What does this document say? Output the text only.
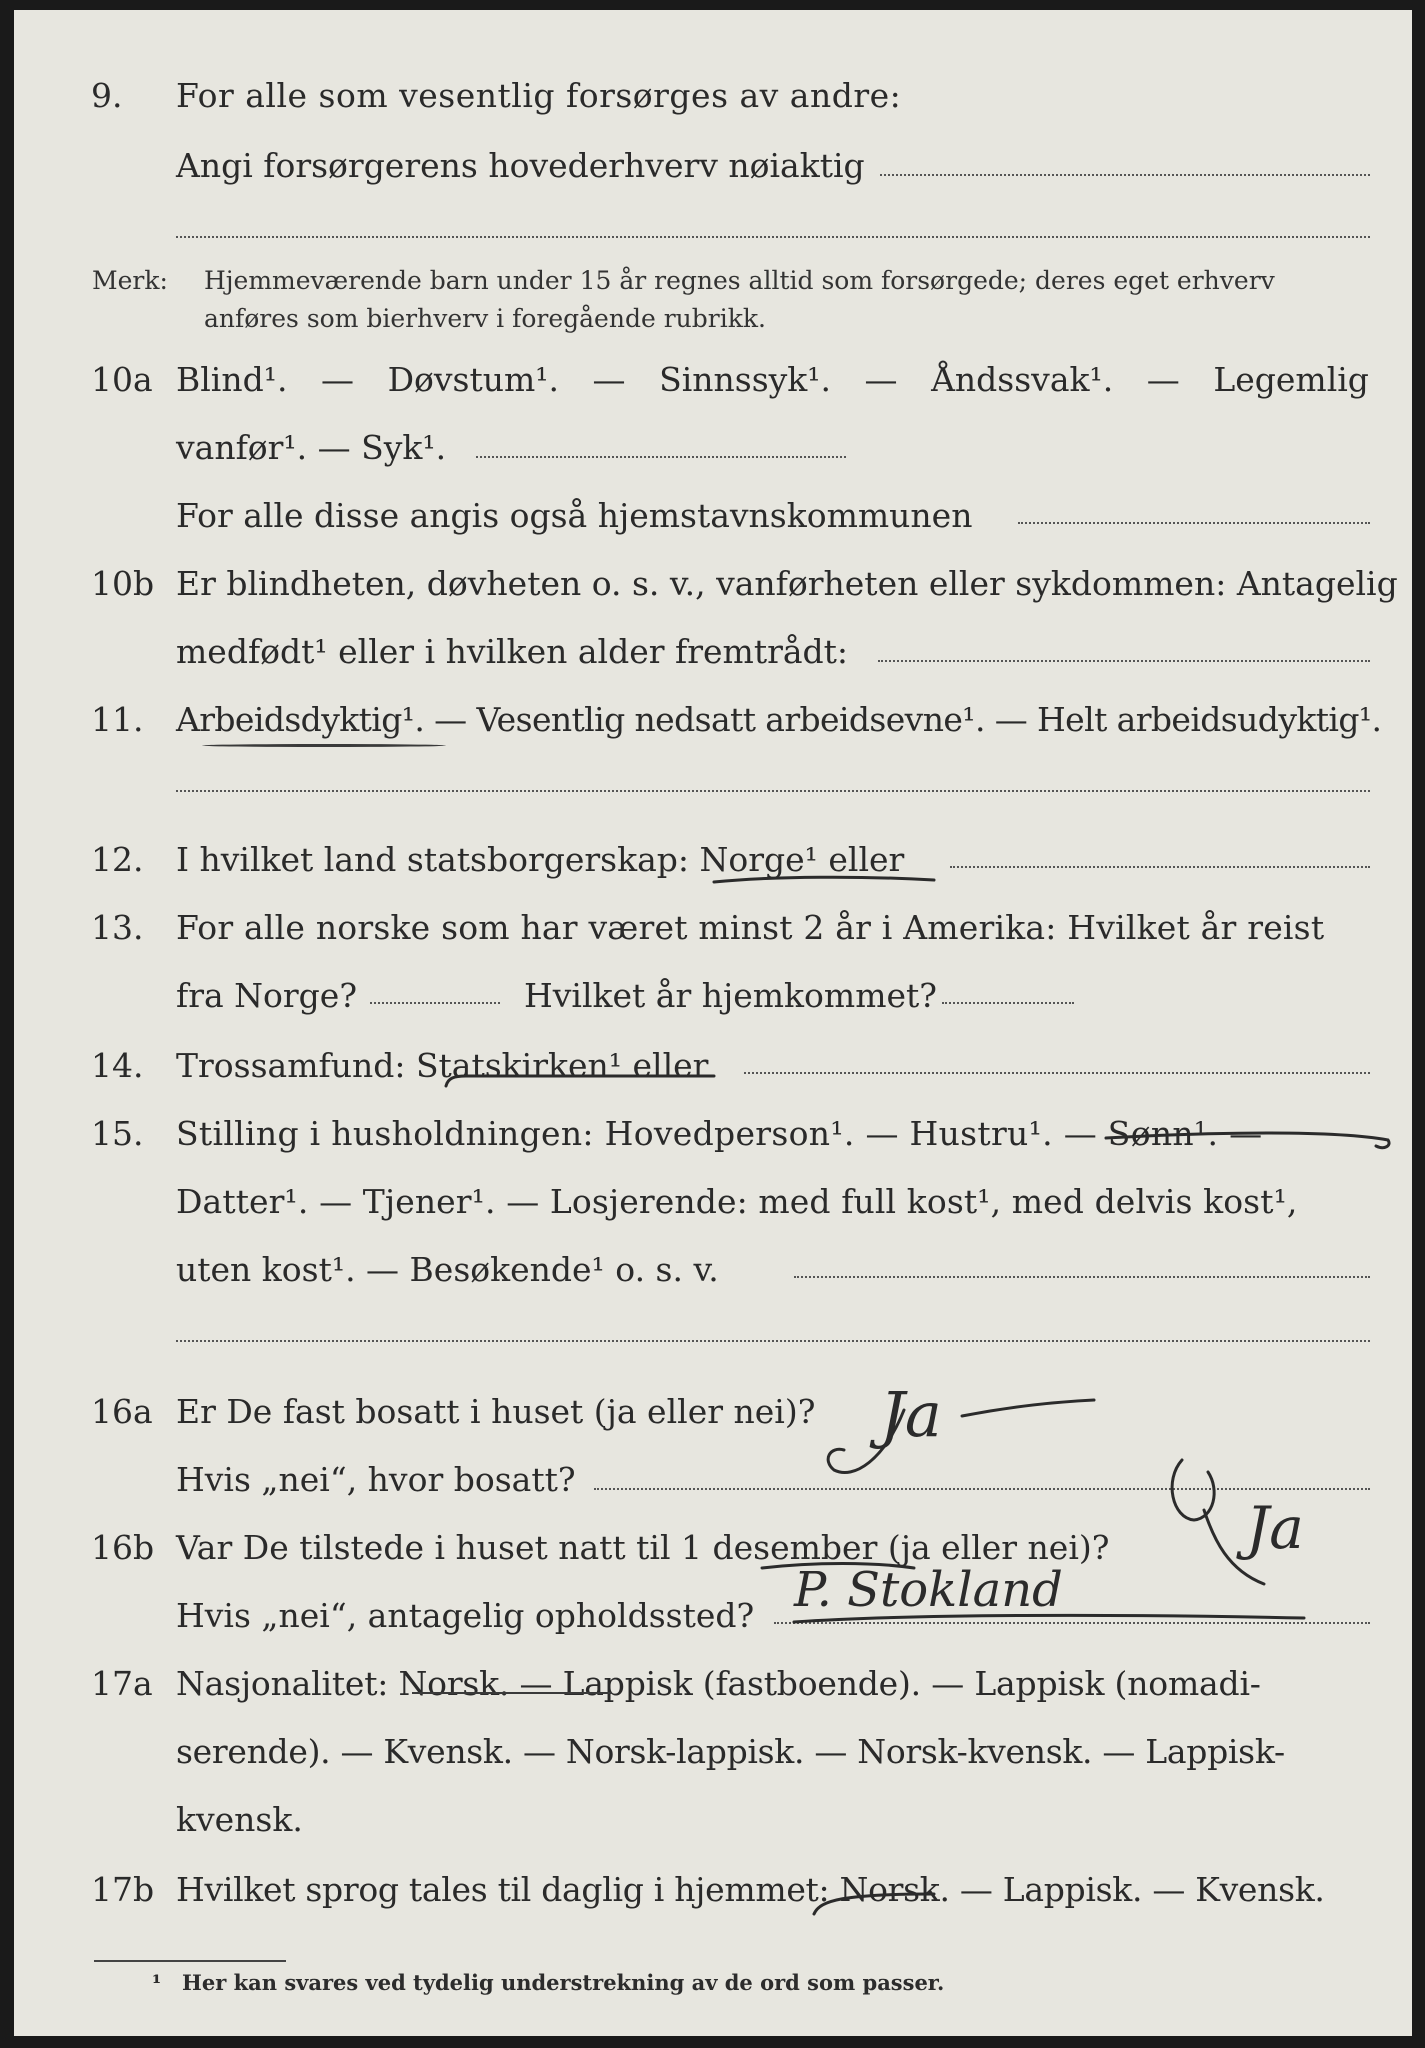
9.	For alle som vesentlig forsørges av andre:
Angi forsørgerens hovederhverv nøiaktig
Merk:	Hjemmeværende barn under 15 år regnes alltid som forsørgede; deres eget erhverv
anføres som bierhverv i foregående rubrikk.
10a Blind¹. — Døvstum¹. — Sinnssyk¹. — Åndssvak¹. — Legemlig
vanfør¹. — Syk¹.
For alle disse angis også hjemstavnskommunen
10b Er blindheten, døvheten o. s. v., vanførheten eller sykdommen: Antagelig
medfødt¹ eller i hvilken alder fremtrådt:
11. Arbeidsdyktig¹. — Vesentlig nedsatt arbeidsevne¹. — Helt arbeidsudyktig¹.
12. I hvilket land statsborgerskap: Norge¹ eller
13. For alle norske som har været minst 2 år i Amerika: Hvilket år reist
fra Norge?	Hvilket år hjemkommet?
14. Trossamfund: Statskirken¹ eller
15. Stilling i husholdningen: Hovedperson¹. — Hustru¹. — Sønn¹. —
Datter¹. — Tjener¹. — Losjerende: med full kost¹, med delvis kost¹,
uten kost¹. — Besøkende¹ o. s. v.
16a Er De fast bosatt i huset (ja eller nei)?
Hvis „nei“, hvor bosatt?
16b Var De tilstede i huset natt til 1 desember (ja eller nei)?
Hvis „nei“, antagelig opholdssted?
17a Nasjonalitet: Norsk. — Lappisk (fastboende). — Lappisk (nomadi-
serende). — Kvensk. — Norsk-lappisk. — Norsk-kvensk. — Lappisk-
kvensk.
17b Hvilket sprog tales til daglig i hjemmet: Norsk. — Lappisk. — Kvensk.
¹ Her kan svares ved tydelig understrekning av de ord som passer.
Ja
Ja
P. Stokland
